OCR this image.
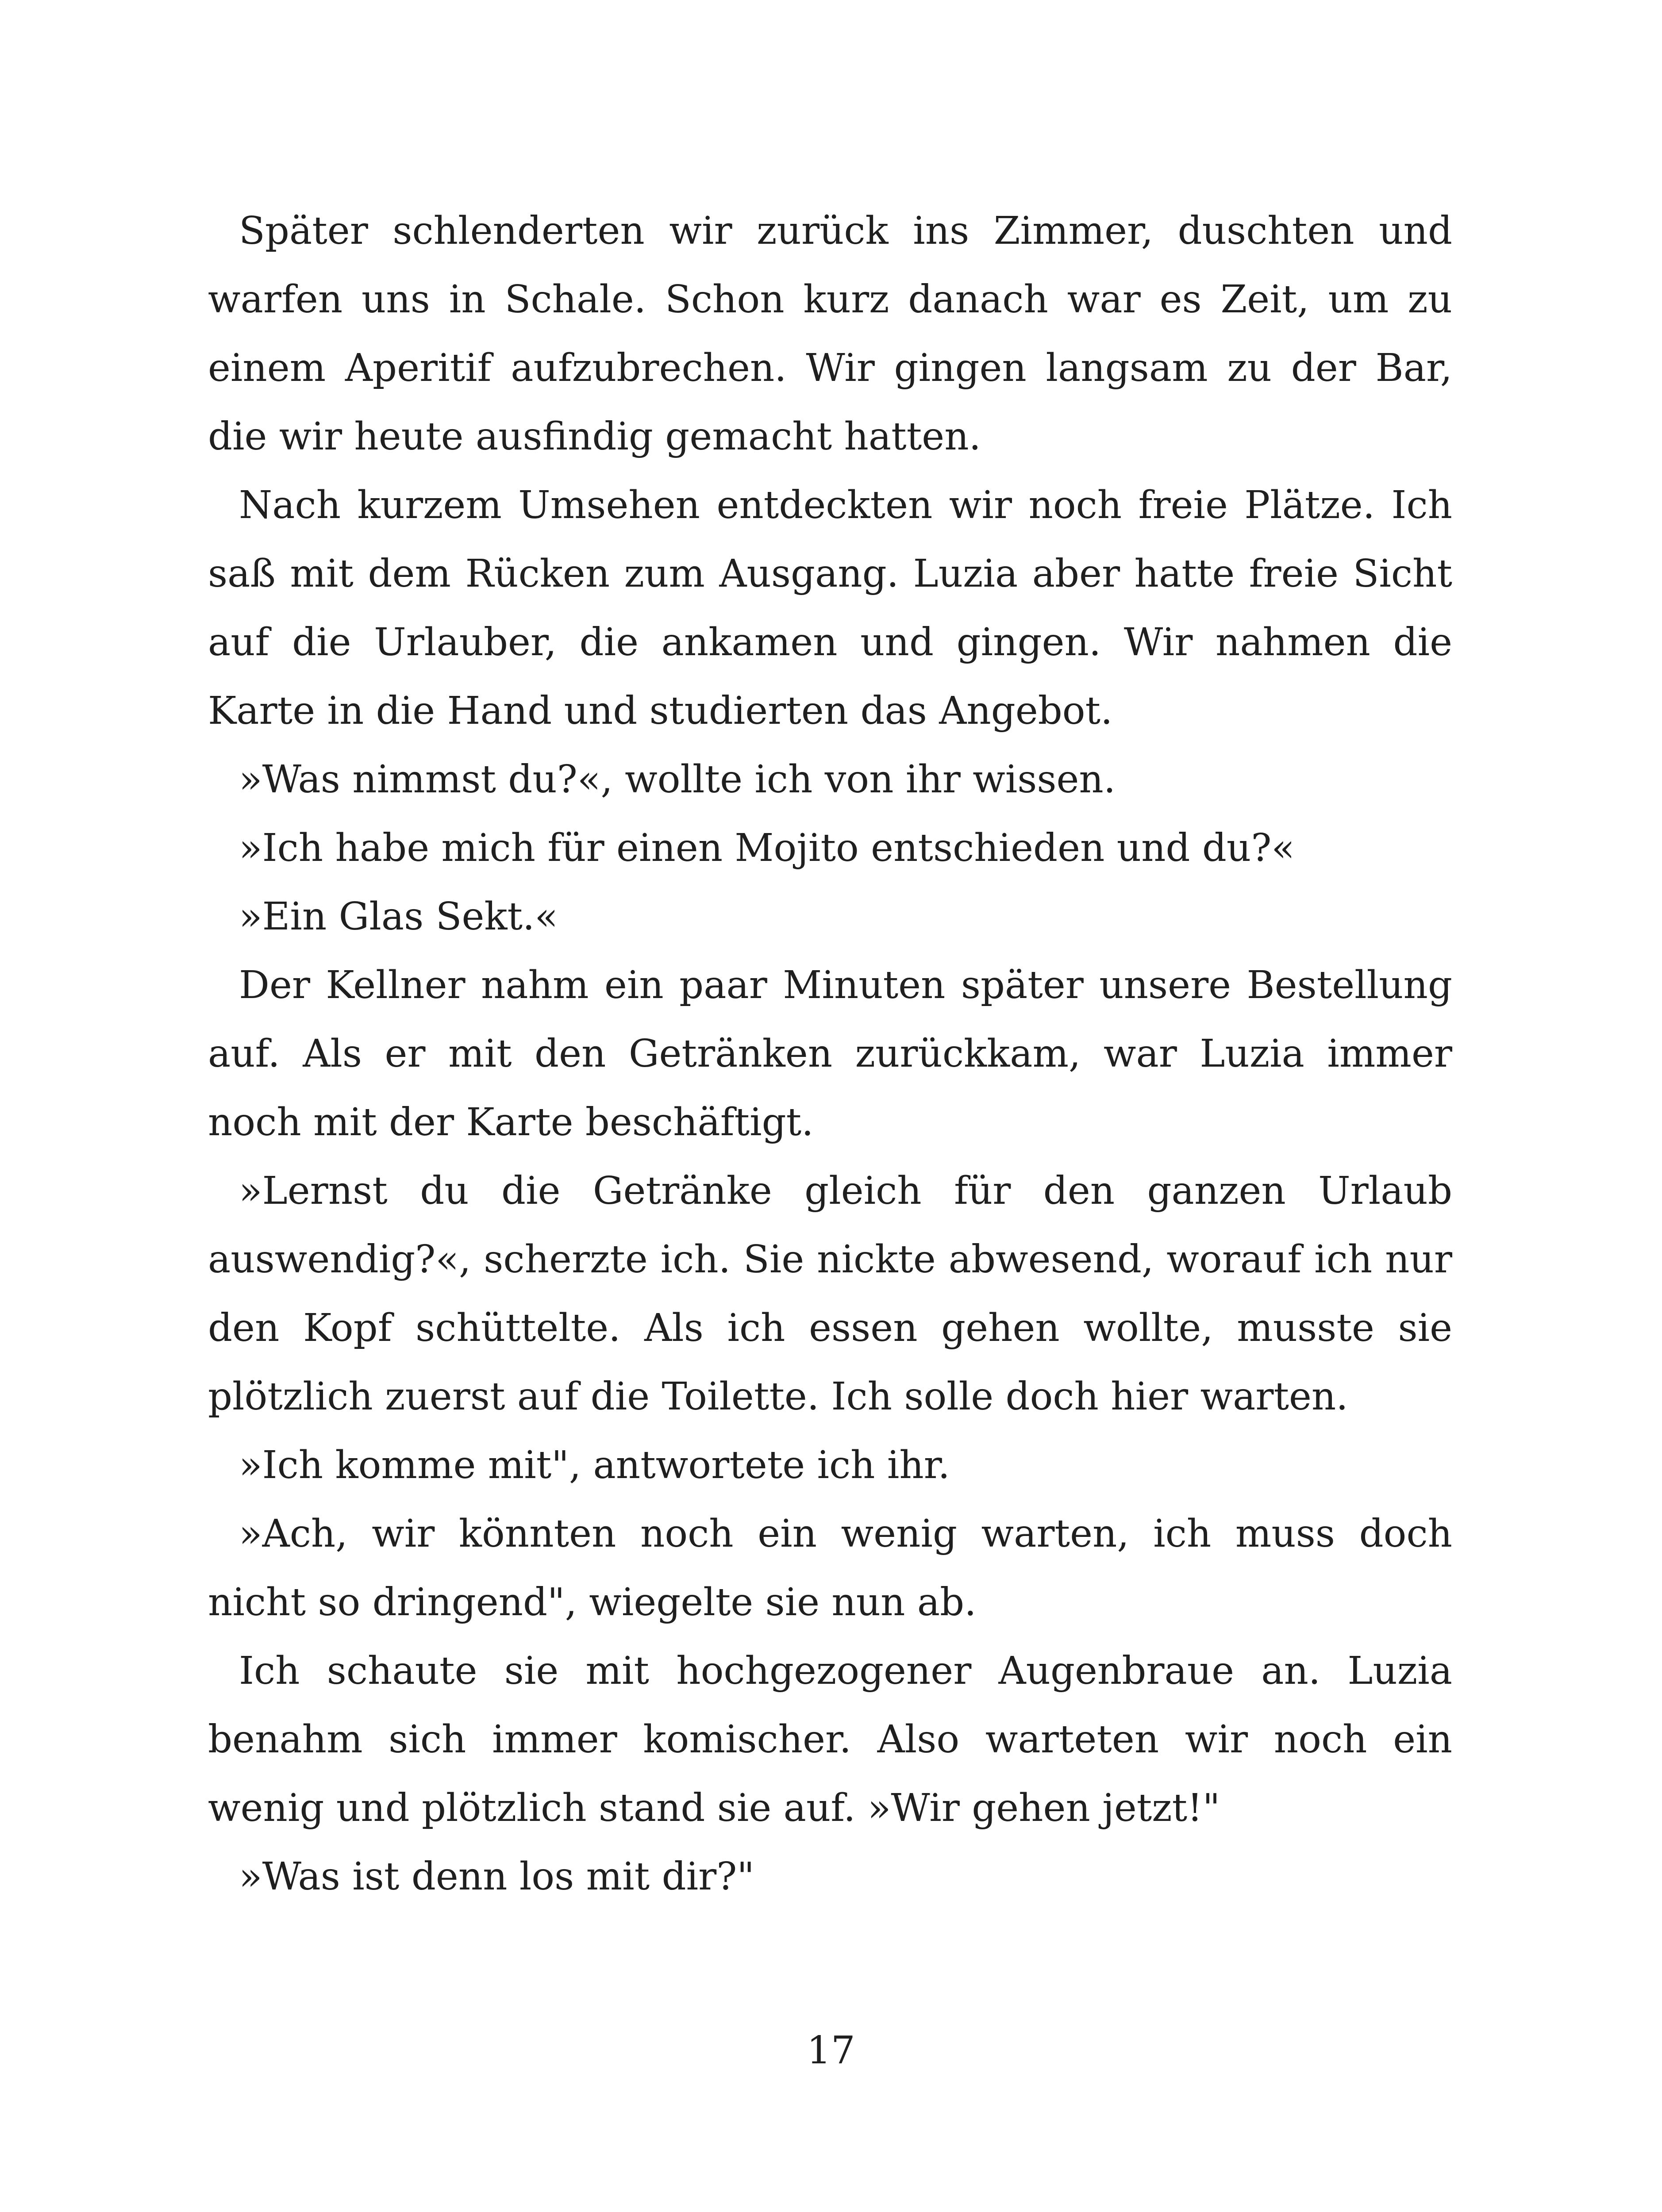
Später schlenderten wir zurück ins Zimmer, duschten und warfen uns in Schale. Schon kurz danach war es Zeit, um zu einem Aperitif aufzubrechen. Wir gingen langsam zu der Bar, die wir heute ausfindig gemacht hatten.

Nach kurzem Umsehen entdeckten wir noch freie Plätze. Ich saß mit dem Rücken zum Ausgang. Luzia aber hatte freie Sicht auf die Urlauber, die ankamen und gingen. Wir nahmen die Karte in die Hand und studierten das Angebot.

»Was nimmst du?«, wollte ich von ihr wissen.

»Ich habe mich für einen Mojito entschieden und du?«

»Ein Glas Sekt.«

Der Kellner nahm ein paar Minuten später unsere Bestellung auf. Als er mit den Getränken zurückkam, war Luzia immer noch mit der Karte beschäftigt.

»Lernst du die Getränke gleich für den ganzen Urlaub auswendig?«, scherzte ich. Sie nickte abwesend, worauf ich nur den Kopf schüttelte. Als ich essen gehen wollte, musste sie plötzlich zuerst auf die Toilette. Ich solle doch hier warten.

»Ich komme mit", antwortete ich ihr.

»Ach, wir könnten noch ein wenig warten, ich muss doch nicht so dringend", wiegelte sie nun ab.

Ich schaute sie mit hochgezogener Augenbraue an. Luzia benahm sich immer komischer. Also warteten wir noch ein wenig und plötzlich stand sie auf. »Wir gehen jetzt!"

»Was ist denn los mit dir?"

17
